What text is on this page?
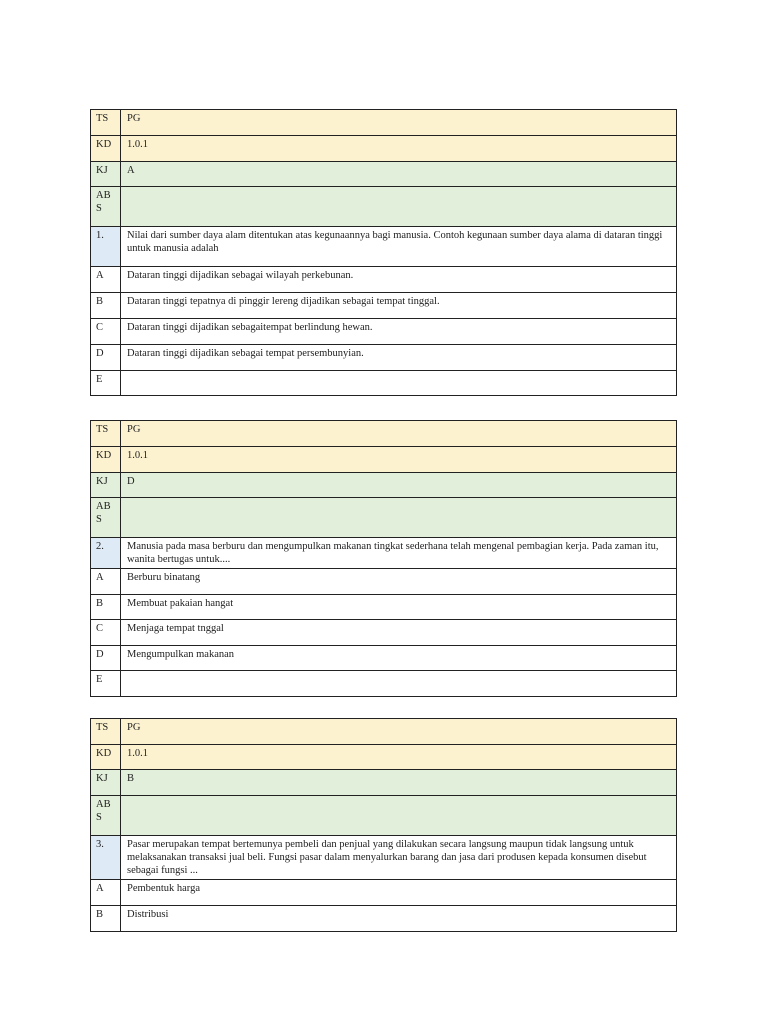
TS	PG
KD	1.0.1
KJ	A
AB S	
1.	Nilai dari sumber daya alam ditentukan atas kegunaannya bagi manusia. Contoh kegunaan sumber daya alama di dataran tinggi untuk manusia adalah
A	Dataran tinggi dijadikan sebagai wilayah perkebunan.
B	Dataran tinggi tepatnya di pinggir lereng dijadikan sebagai tempat tinggal.
C	Dataran tinggi dijadikan sebagaitempat berlindung hewan.
D	Dataran tinggi dijadikan sebagai tempat persembunyian.
E	
TS	PG
KD	1.0.1
KJ	D
AB S	
2.	Manusia pada masa berburu dan mengumpulkan makanan tingkat sederhana telah mengenal pembagian kerja. Pada zaman itu, wanita bertugas untuk....
A	Berburu binatang
B	Membuat pakaian hangat
C	Menjaga tempat tnggal
D	Mengumpulkan makanan
E	
TS	PG
KD	1.0.1
KJ	B
AB S	
3.	Pasar merupakan tempat bertemunya pembeli dan penjual yang dilakukan secara langsung maupun tidak langsung untuk melaksanakan transaksi jual beli. Fungsi pasar dalam menyalurkan barang dan jasa dari produsen kepada konsumen disebut sebagai fungsi ...
A	Pembentuk harga
B	Distribusi
